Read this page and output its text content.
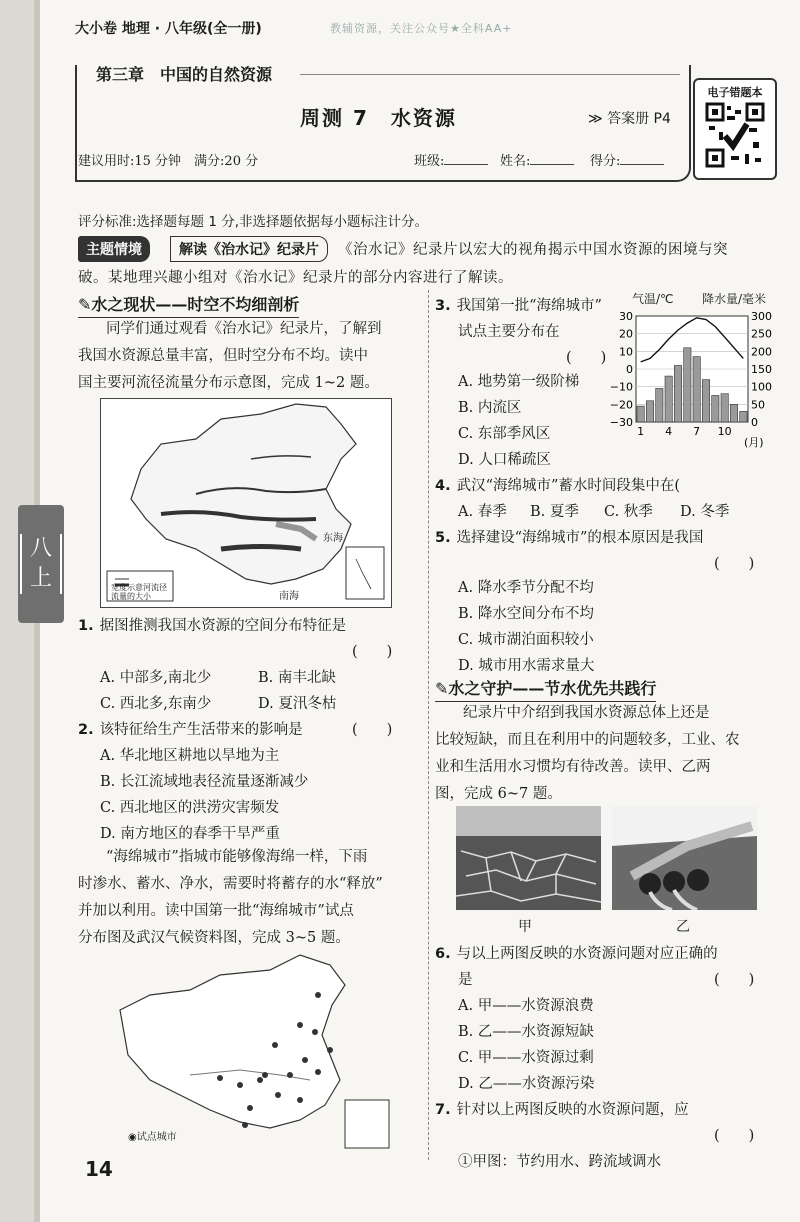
八
上
大小卷 地理 · 八年级(全一册)	教辅资源，关注公众号★全科AA+
第三章　中国的自然资源
周测 7　水资源	≫ 答案册 P4
建议用时:15 分钟　满分:20 分	班级:	姓名:	得分:
电子错题本
评分标准:选择题每题 1 分,非选择题依据每小题标注计分。
主题情境	解读《治水记》纪录片	《治水记》纪录片以宏大的视角揭示中国水资源的困境与突
破。某地理兴趣小组对《治水记》纪录片的部分内容进行了解读。
✎水之现状——时空不均细剖析
同学们通过观看《治水记》纪录片，了解到
我国水资源总量丰富，但时空分布不均。读中
国主要河流径流量分布示意图，完成 1~2 题。
宽度示意河流径流量的大小
东海
南海
1. 据图推测我国水资源的空间分布特征是
(　　)
A. 中部多,南北少	B. 南丰北缺
C. 西北多,东南少	D. 夏汛冬枯
2. 该特征给生产生活带来的影响是	(　　)
A. 华北地区耕地以旱地为主
B. 长江流域地表径流量逐渐减少
C. 西北地区的洪涝灾害频发
D. 南方地区的春季干旱严重
“海绵城市”指城市能够像海绵一样，下雨
时渗水、蓄水、净水，需要时将蓄存的水“释放”
并加以利用。读中国第一批“海绵城市”试点
分布图及武汉气候资料图，完成 3~5 题。
◉试点城市
14
3. 我国第一批“海绵城市”
试点主要分布在
(　　)
A. 地势第一级阶梯
B. 内流区
C. 东部季风区
D. 人口稀疏区
气温/℃ 降水量/毫米
30
20
10
0
−10
−20
−30
300
250
200
150
100
50
0
1 4 7 10
(月)
4. 武汉“海绵城市”蓄水时间段集中在(
A. 春季 B. 夏季 C. 秋季 D. 冬季
5. 选择建设“海绵城市”的根本原因是我国
(　　)
A. 降水季节分配不均
B. 降水空间分布不均
C. 城市湖泊面积较小
D. 城市用水需求量大
✎水之守护——节水优先共践行
纪录片中介绍到我国水资源总体上还是
比较短缺，而且在利用中的问题较多，工业、农
业和生活用水习惯均有待改善。读甲、乙两
图，完成 6~7 题。
甲	乙
6. 与以上两图反映的水资源问题对应正确的
是	(　　)
A. 甲——水资源浪费
B. 乙——水资源短缺
C. 甲——水资源过剩
D. 乙——水资源污染
7. 针对以上两图反映的水资源问题，应
(　　)
①甲图：节约用水、跨流域调水
